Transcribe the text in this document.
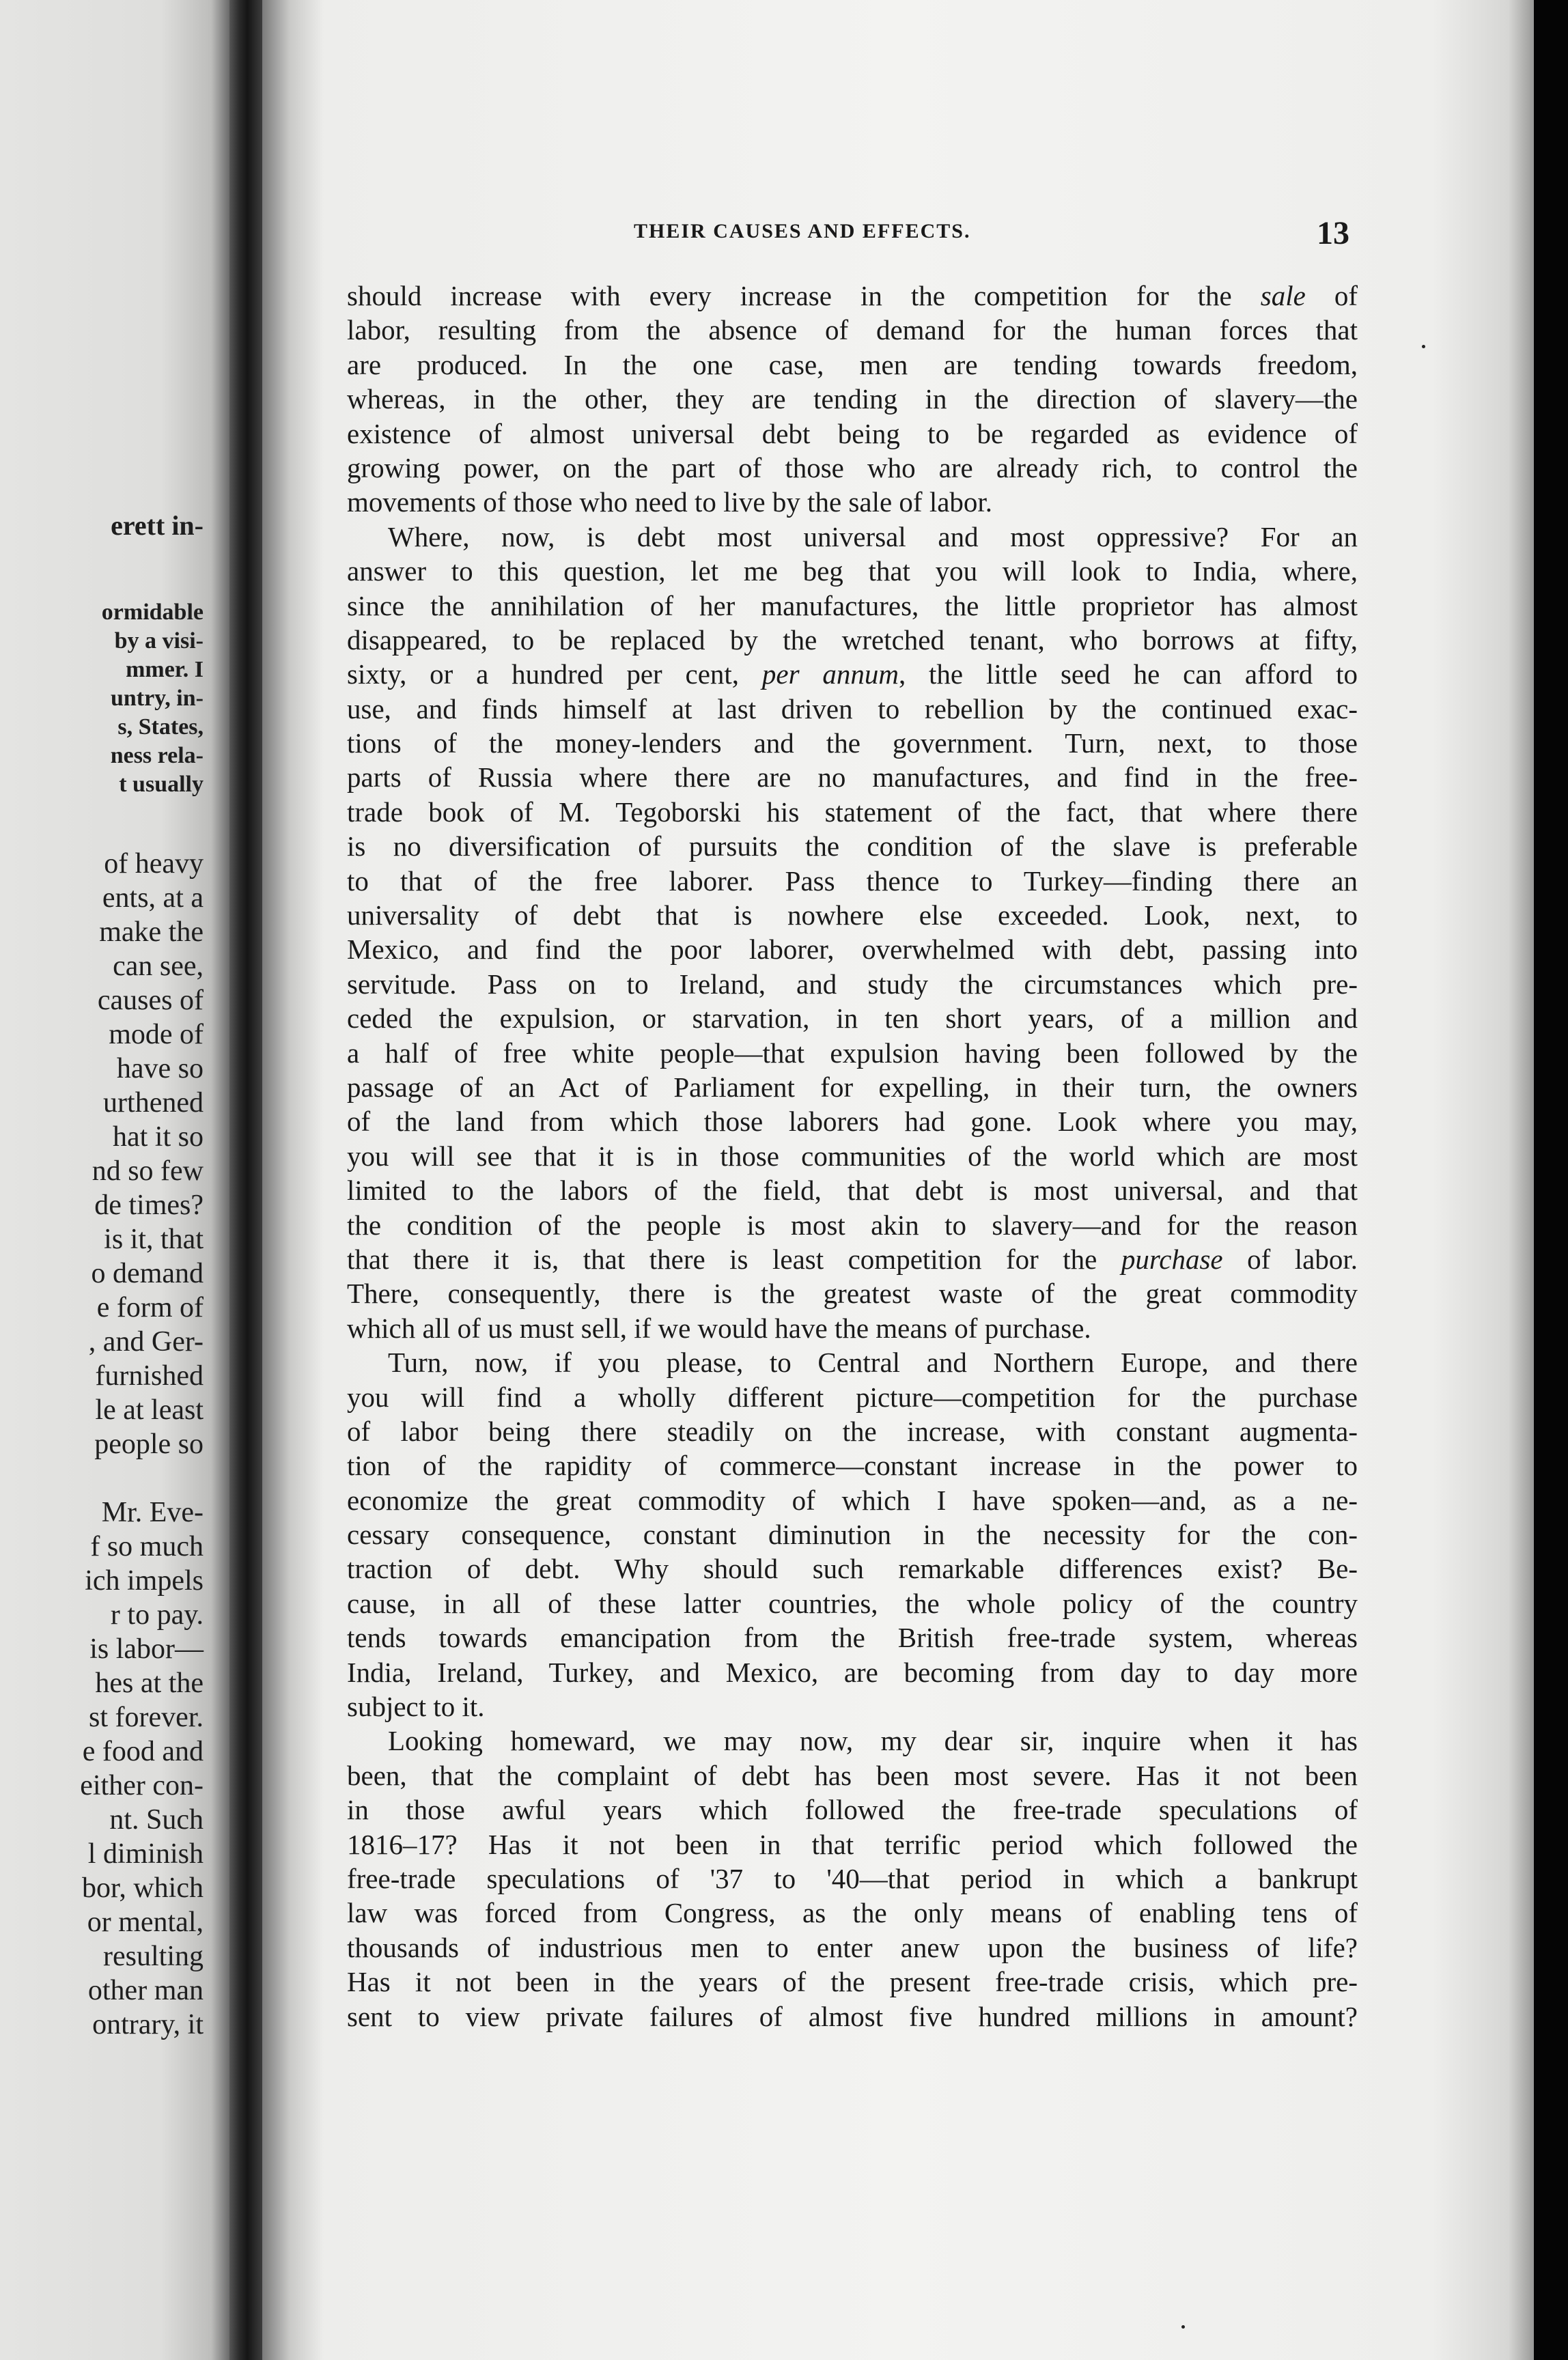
erett in-
ormidable
by a visi-
mmer. I
untry, in-
s, States,
ness rela-
t usually
of heavy
ents, at a
make the
can see,
causes of
mode of
have so
urthened
hat it so
nd so few
de times?
is it, that
o demand
e form of
, and Ger-
furnished
le at least
people so
Mr. Eve-
f so much
ich impels
r to pay.
is labor—
hes at the
st forever.
e food and
either con-
nt. Such
l diminish
bor, which
or mental,
resulting
other man
ontrary, it
THEIR CAUSES AND EFFECTS.	13
should increase with every increase in the competition for the sale of
labor, resulting from the absence of demand for the human forces that
are produced. In the one case, men are tending towards freedom,
whereas, in the other, they are tending in the direction of slavery—the
existence of almost universal debt being to be regarded as evidence of
growing power, on the part of those who are already rich, to control the
movements of those who need to live by the sale of labor.
Where, now, is debt most universal and most oppressive? For an
answer to this question, let me beg that you will look to India, where,
since the annihilation of her manufactures, the little proprietor has almost
disappeared, to be replaced by the wretched tenant, who borrows at fifty,
sixty, or a hundred per cent, per annum, the little seed he can afford to
use, and finds himself at last driven to rebellion by the continued exac-
tions of the money-lenders and the government. Turn, next, to those
parts of Russia where there are no manufactures, and find in the free-
trade book of M. Tegoborski his statement of the fact, that where there
is no diversification of pursuits the condition of the slave is preferable
to that of the free laborer. Pass thence to Turkey—finding there an
universality of debt that is nowhere else exceeded. Look, next, to
Mexico, and find the poor laborer, overwhelmed with debt, passing into
servitude. Pass on to Ireland, and study the circumstances which pre-
ceded the expulsion, or starvation, in ten short years, of a million and
a half of free white people—that expulsion having been followed by the
passage of an Act of Parliament for expelling, in their turn, the owners
of the land from which those laborers had gone. Look where you may,
you will see that it is in those communities of the world which are most
limited to the labors of the field, that debt is most universal, and that
the condition of the people is most akin to slavery—and for the reason
that there it is, that there is least competition for the purchase of labor.
There, consequently, there is the greatest waste of the great commodity
which all of us must sell, if we would have the means of purchase.
Turn, now, if you please, to Central and Northern Europe, and there
you will find a wholly different picture—competition for the purchase
of labor being there steadily on the increase, with constant augmenta-
tion of the rapidity of commerce—constant increase in the power to
economize the great commodity of which I have spoken—and, as a ne-
cessary consequence, constant diminution in the necessity for the con-
traction of debt. Why should such remarkable differences exist? Be-
cause, in all of these latter countries, the whole policy of the country
tends towards emancipation from the British free-trade system, whereas
India, Ireland, Turkey, and Mexico, are becoming from day to day more
subject to it.
Looking homeward, we may now, my dear sir, inquire when it has
been, that the complaint of debt has been most severe. Has it not been
in those awful years which followed the free-trade speculations of
1816–17? Has it not been in that terrific period which followed the
free-trade speculations of '37 to '40—that period in which a bankrupt
law was forced from Congress, as the only means of enabling tens of
thousands of industrious men to enter anew upon the business of life?
Has it not been in the years of the present free-trade crisis, which pre-
sent to view private failures of almost five hundred millions in amount?
